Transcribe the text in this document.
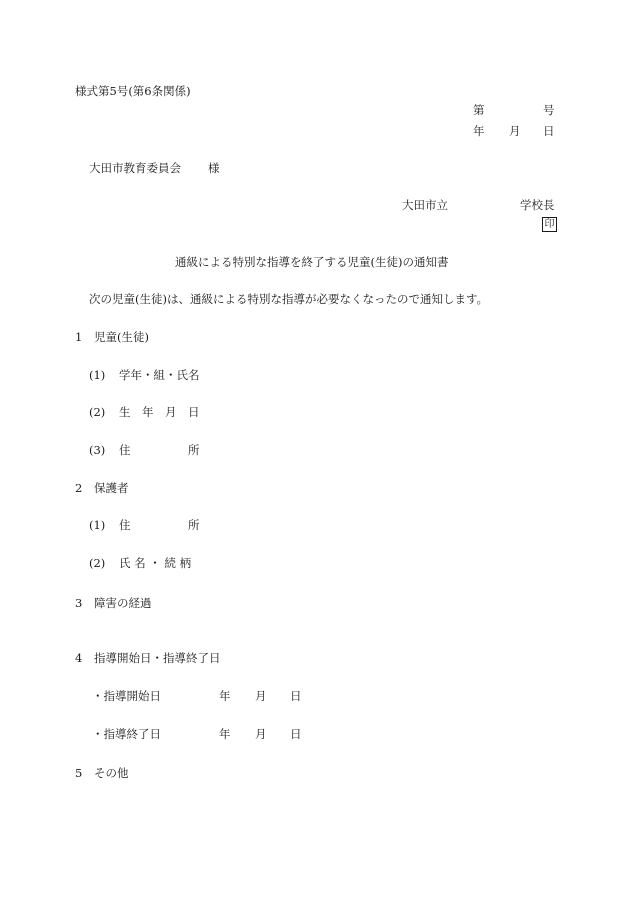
様式第5号(第6条関係)
第	号
年 月 日
大田市教育委員会 様
大田市立	学校長
印
通級による特別な指導を終了する児童(生徒)の通知書
次の児童(生徒)は、通級による特別な指導が必要なくなったので通知します。
1 児童(生徒)
(1) 学年・組・氏名
(2) 生　年　月　日
(3) 住	所
2 保護者
(1) 住	所
(2) 氏 名 ・ 続 柄
3 障害の経過
4 指導開始日・指導終了日
・指導開始日	年 月 日
・指導終了日	年 月 日
5 その他
